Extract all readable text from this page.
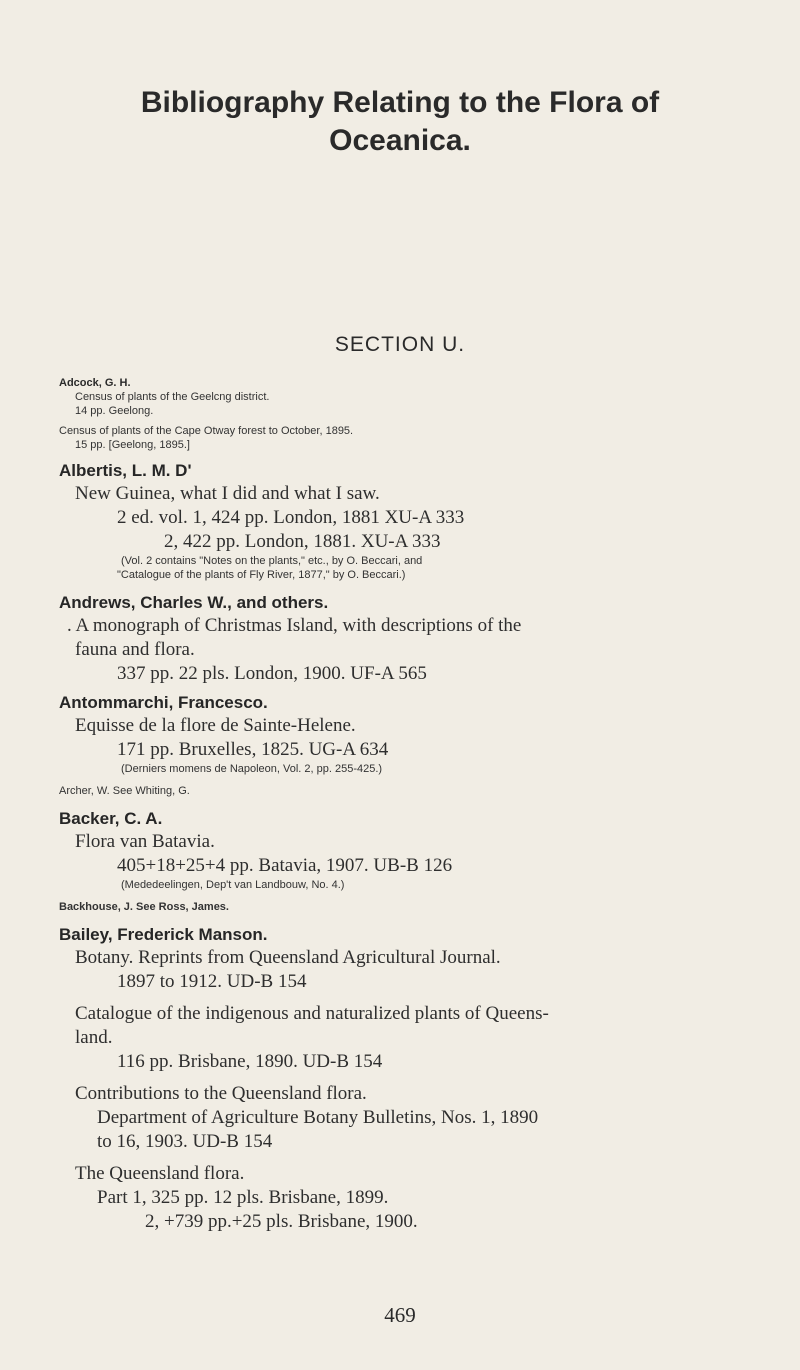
Bibliography Relating to the Flora of
Oceanica.
SECTION U.
Adcock, G. H.
Census of plants of the Geelcng district.
14 pp. Geelong.
Census of plants of the Cape Otway forest to October, 1895.
15 pp. [Geelong, 1895.]
Albertis, L. M. D'
New Guinea, what I did and what I saw.
2 ed. vol. 1, 424 pp. London, 1881 XU-A 333
2, 422 pp. London, 1881. XU-A 333
(Vol. 2 contains "Notes on the plants," etc., by O. Beccari, and
"Catalogue of the plants of Fly River, 1877," by O. Beccari.)
Andrews, Charles W., and others.
. A monograph of Christmas Island, with descriptions of the
fauna and flora.
337 pp. 22 pls. London, 1900. UF-A 565
Antommarchi, Francesco.
Equisse de la flore de Sainte-Helene.
171 pp. Bruxelles, 1825. UG-A 634
(Derniers momens de Napoleon, Vol. 2, pp. 255-425.)
Archer, W. See Whiting, G.
Backer, C. A.
Flora van Batavia.
405+18+25+4 pp. Batavia, 1907. UB-B 126
(Mededeelingen, Dep't van Landbouw, No. 4.)
Backhouse, J. See Ross, James.
Bailey, Frederick Manson.
Botany. Reprints from Queensland Agricultural Journal.
1897 to 1912. UD-B 154
Catalogue of the indigenous and naturalized plants of Queens-
land.
116 pp. Brisbane, 1890. UD-B 154
Contributions to the Queensland flora.
Department of Agriculture Botany Bulletins, Nos. 1, 1890
to 16, 1903. UD-B 154
The Queensland flora.
Part 1, 325 pp. 12 pls. Brisbane, 1899.
2, +739 pp.+25 pls. Brisbane, 1900.
469
